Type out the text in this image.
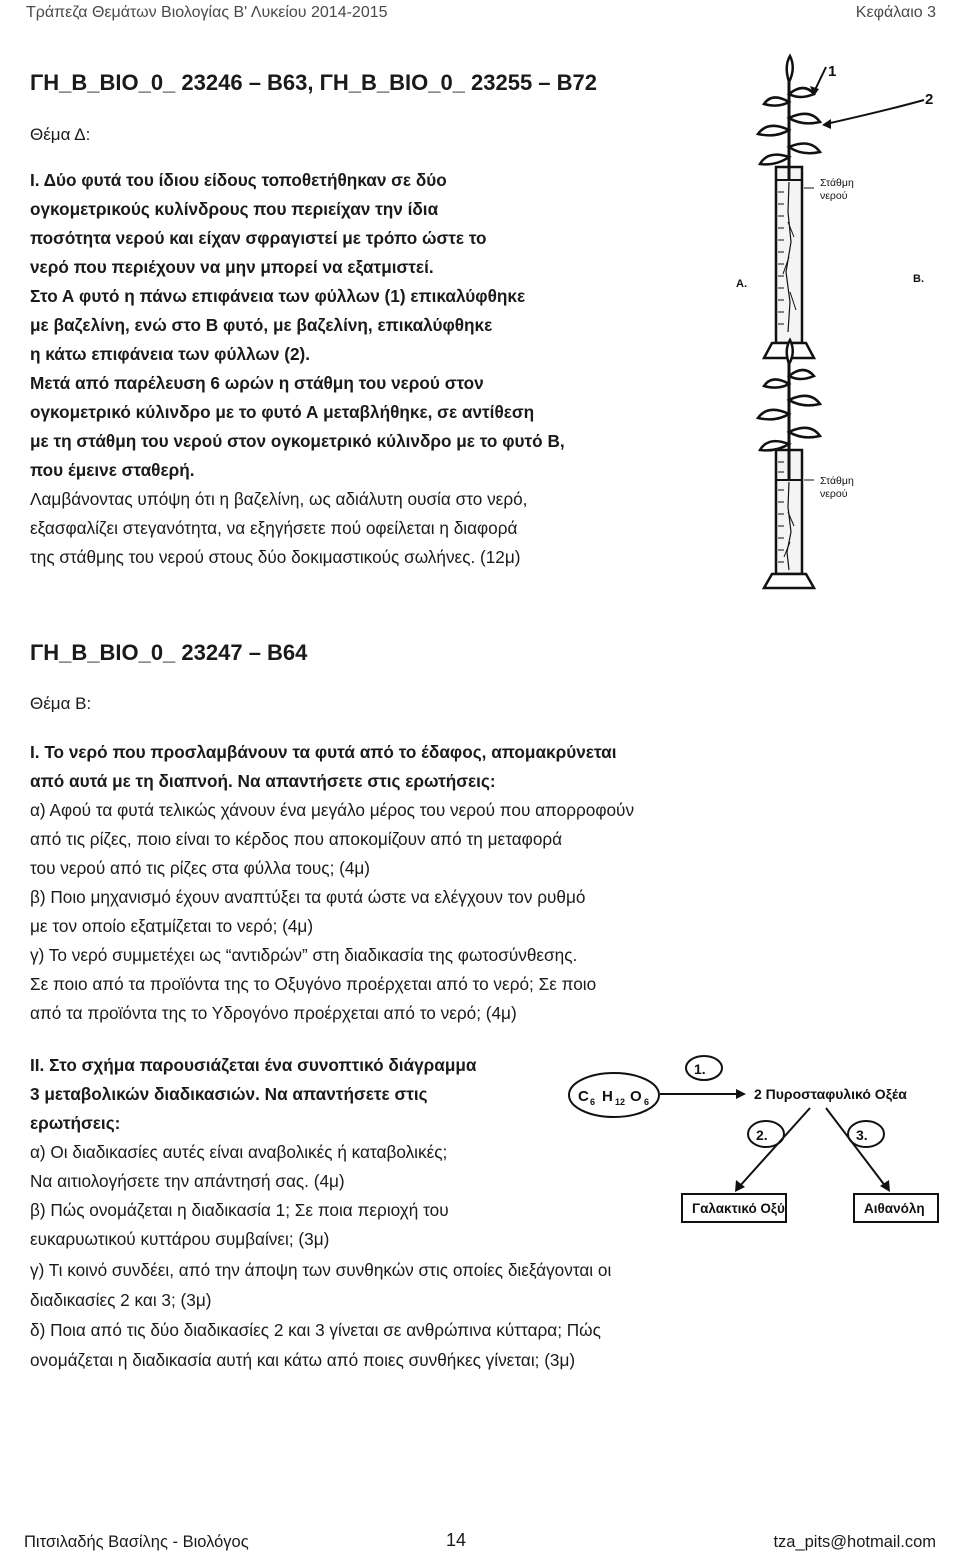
Τράπεζα Θεμάτων Βιολογίας Β' Λυκείου 2014-2015	Κεφάλαιο 3
ΓΗ_Β_ΒΙΟ_0_ 23246 – Β63, ΓΗ_Β_ΒΙΟ_0_ 23255 – Β72
Θέμα Δ:
Ι. Δύο φυτά του ίδιου είδους τοποθετήθηκαν σε δύο
ογκομετρικούς κυλίνδρους που περιείχαν την ίδια
ποσότητα νερού και είχαν σφραγιστεί με τρόπο ώστε το
νερό που περιέχουν να μην μπορεί να εξατμιστεί.
Στο Α φυτό η πάνω επιφάνεια των φύλλων (1) επικαλύφθηκε
με βαζελίνη, ενώ στο Β φυτό, με βαζελίνη, επικαλύφθηκε
η κάτω επιφάνεια των φύλλων (2).
Μετά από παρέλευση 6 ωρών η στάθμη του νερού στον
ογκομετρικό κύλινδρο με το φυτό Α μεταβλήθηκε, σε αντίθεση
με τη στάθμη του νερού στον ογκομετρικό κύλινδρο με το φυτό Β,
που έμεινε σταθερή.
Λαμβάνοντας υπόψη ότι η βαζελίνη, ως αδιάλυτη ουσία στο νερό,
εξασφαλίζει στεγανότητα, να εξηγήσετε πού οφείλεται η διαφορά
της στάθμης του νερού στους δύο δοκιμαστικούς σωλήνες. (12μ)
1
2
Στάθμη
νερού
Α.	Β.
Στάθμη
νερού
ΓΗ_Β_ΒΙΟ_0_ 23247 – Β64
Θέμα Β:
Ι. Το νερό που προσλαμβάνουν τα φυτά από το έδαφος, απομακρύνεται
από αυτά με τη διαπνοή. Να απαντήσετε στις ερωτήσεις:
α) Αφού τα φυτά τελικώς χάνουν ένα μεγάλο μέρος του νερού που απορροφούν
από τις ρίζες, ποιο είναι το κέρδος που αποκομίζουν από τη μεταφορά
του νερού από τις ρίζες στα φύλλα τους; (4μ)
β) Ποιο μηχανισμό έχουν αναπτύξει τα φυτά ώστε να ελέγχουν τον ρυθμό
με τον οποίο εξατμίζεται το νερό; (4μ)
γ) Το νερό συμμετέχει ως “αντιδρών” στη διαδικασία της φωτοσύνθεσης.
Σε ποιο από τα προϊόντα της το Οξυγόνο προέρχεται από το νερό; Σε ποιο
από τα προϊόντα της το Υδρογόνο προέρχεται από το νερό; (4μ)
ΙΙ. Στο σχήμα παρουσιάζεται ένα συνοπτικό διάγραμμα
3 μεταβολικών διαδικασιών. Να απαντήσετε στις
ερωτήσεις:
α) Οι διαδικασίες αυτές είναι αναβολικές ή καταβολικές;
Να αιτιολογήσετε την απάντησή σας. (4μ)
β) Πώς ονομάζεται η διαδικασία 1; Σε ποια περιοχή του
ευκαρυωτικού κυττάρου συμβαίνει; (3μ)
γ) Τι κοινό συνδέει, από την άποψη των συνθηκών στις οποίες διεξάγονται οι
διαδικασίες 2 και 3; (3μ)
δ) Ποια από τις δύο διαδικασίες 2 και 3 γίνεται σε ανθρώπινα κύτταρα; Πώς
ονομάζεται η διαδικασία αυτή και κάτω από ποιες συνθήκες γίνεται; (3μ)
C 6 H 12 O 6
1.
2 Πυροσταφυλικό Οξέα
2.	3.
Γαλακτικό Οξύ	Αιθανόλη
Πιτσιλαδής Βασίλης - Βιολόγος	14	tza_pits@hotmail.com
